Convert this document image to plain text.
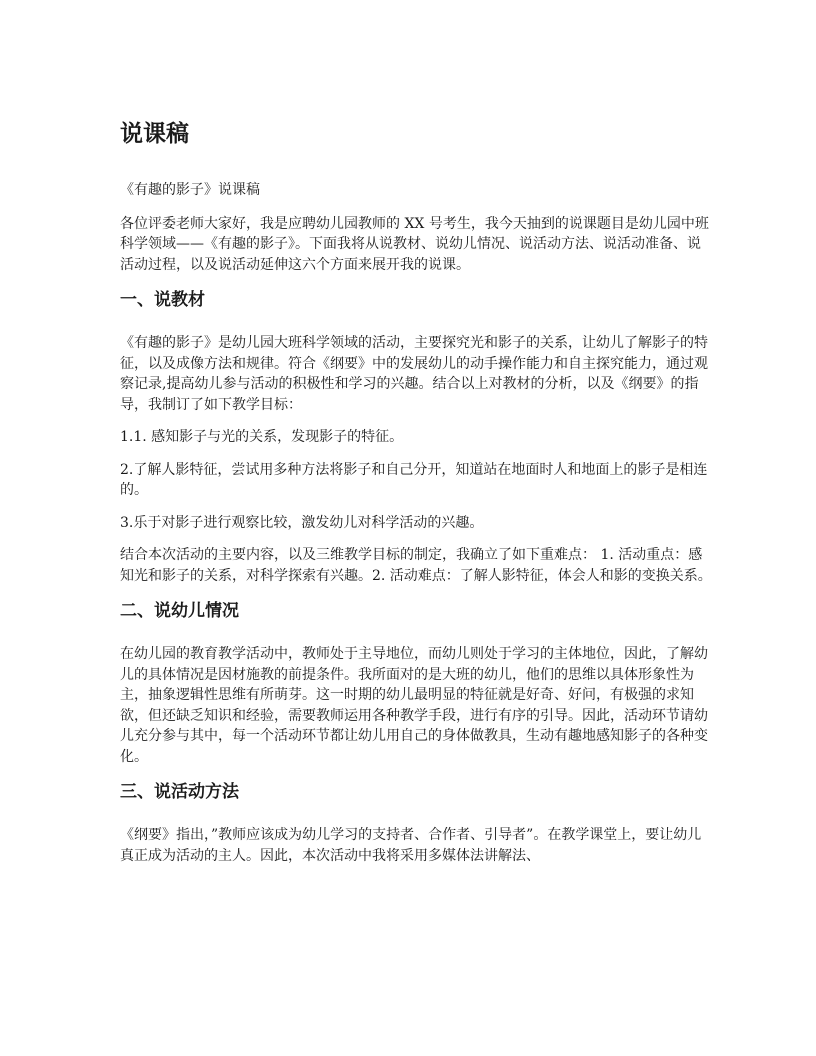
说课稿

《有趣的影子》说课稿

各位评委老师大家好，我是应聘幼儿园教师的 XX 号考生，我今天抽到的说课题目是幼儿园中班科学领域——《有趣的影子》。下面我将从说教材、说幼儿情况、说活动方法、说活动准备、说活动过程，以及说活动延伸这六个方面来展开我的说课。

一、说教材

《有趣的影子》是幼儿园大班科学领域的活动，主要探究光和影子的关系，让幼儿了解影子的特征，以及成像方法和规律。符合《纲要》中的发展幼儿的动手操作能力和自主探究能力，通过观察记录,提高幼儿参与活动的积极性和学习的兴趣。结合以上对教材的分析，以及《纲要》的指导，我制订了如下教学目标：

1.1. 感知影子与光的关系，发现影子的特征。

2.了解人影特征，尝试用多种方法将影子和自己分开，知道站在地面时人和地面上的影子是相连的。

3.乐于对影子进行观察比较，激发幼儿对科学活动的兴趣。

结合本次活动的主要内容，以及三维教学目标的制定，我确立了如下重难点： 1. 活动重点：感知光和影子的关系，对科学探索有兴趣。2. 活动难点：了解人影特征，体会人和影的变换关系。

二、说幼儿情况

在幼儿园的教育教学活动中，教师处于主导地位，而幼儿则处于学习的主体地位，因此，了解幼儿的具体情况是因材施教的前提条件。我所面对的是大班的幼儿，他们的思维以具体形象性为主，抽象逻辑性思维有所萌芽。这一时期的幼儿最明显的特征就是好奇、好问，有极强的求知欲，但还缺乏知识和经验，需要教师运用各种教学手段，进行有序的引导。因此，活动环节请幼儿充分参与其中，每一个活动环节都让幼儿用自己的身体做教具，生动有趣地感知影子的各种变化。

三、说活动方法

《纲要》指出，”教师应该成为幼儿学习的支持者、合作者、引导者”。在教学课堂上，要让幼儿真正成为活动的主人。因此，本次活动中我将采用多媒体法讲解法、
